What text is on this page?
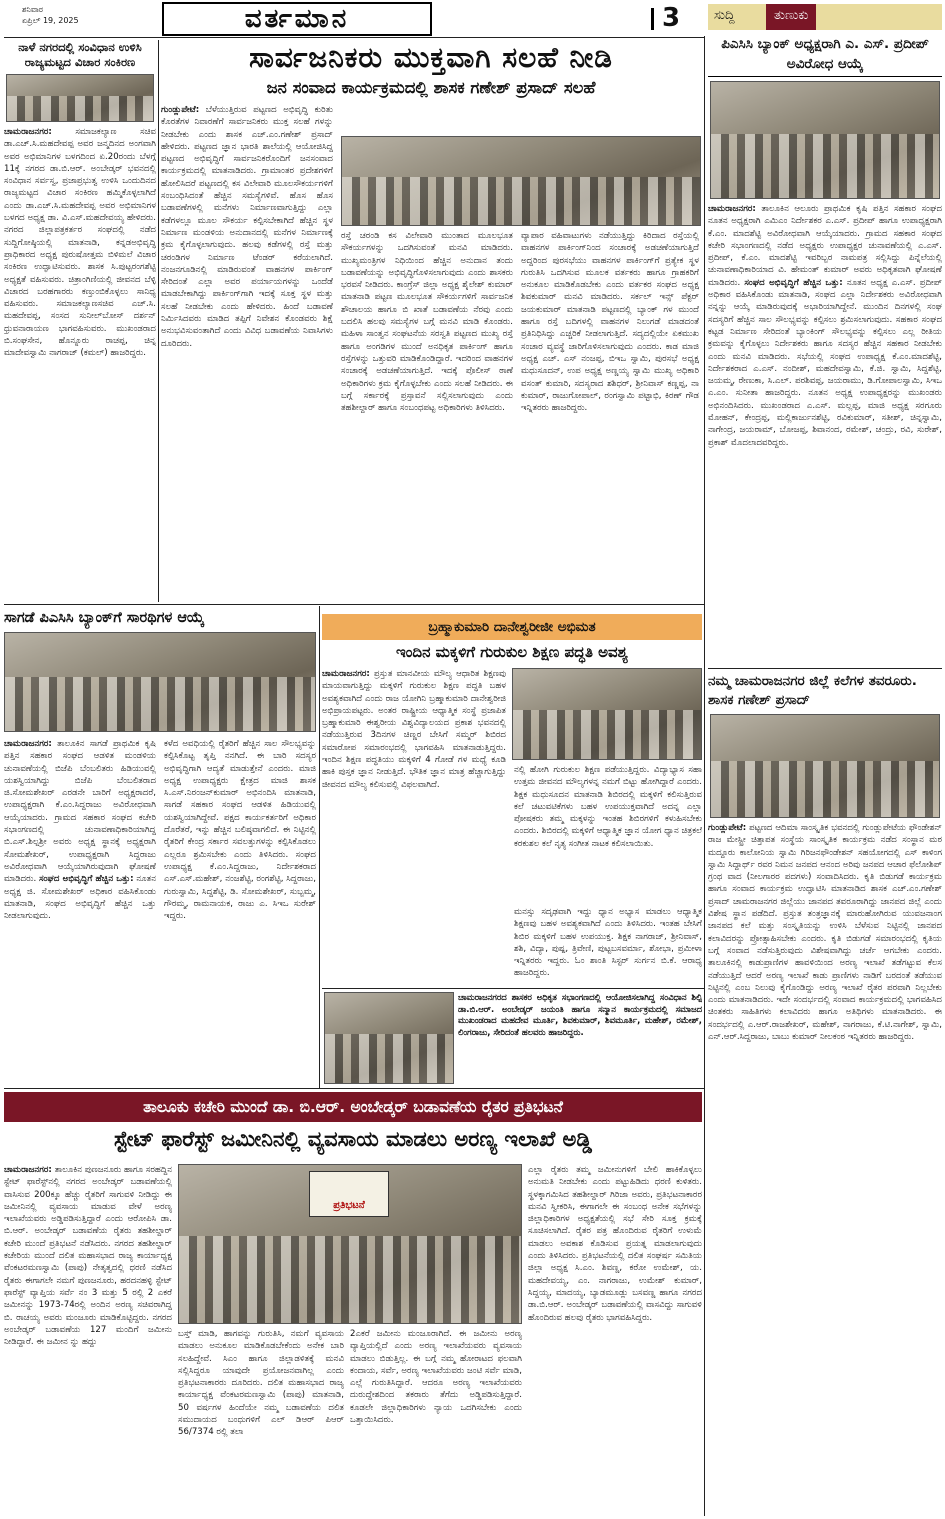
ಶನಿವಾರ
ಏಪ್ರಿಲ್ 19, 2025	ವರ್ತಮಾನ	3	ಸುದ್ದಿ	ತುಣುಕು
ನಾಳೆ ನಗರದಲ್ಲಿ ಸಂವಿಧಾನ ಉಳಿಸಿ ರಾಜ್ಯಮಟ್ಟದ ವಿಚಾರ ಸಂಕಿರಣ
ಚಾಮರಾಜನಗರ:	ಸಮಾಜಕಲ್ಯಾಣ ಸಚಿವ ಡಾ.ಎಚ್.ಸಿ.ಮಹದೇವಪ್ಪ ಅವರ ಜನ್ಮದಿನದ ಅಂಗವಾಗಿ ಅವರ ಅಭಿಮಾನಿಗಳ ಬಳಗದಿಂದ ಏ.20ರಂದು ಬೆಳಗ್ಗೆ 11ಕ್ಕೆ ನಗರದ ಡಾ.ಬಿ.ಆರ್. ಅಂಬೇಡ್ಕರ್ ಭವನದಲ್ಲಿ ಸಂವಿಧಾನ ಸರ್ವಸ್ವ, ಪ್ರಜಾಪ್ರಭುತ್ವ ಉಳಿಸಿ ಒಂದುದಿನದ ರಾಜ್ಯಮಟ್ಟದ ವಿಚಾರ ಸಂಕಿರಣ ಹಮ್ಮಿಕೊಳ್ಳಲಾಗಿದೆ ಎಂದು ಡಾ.ಎಚ್.ಸಿ.ಮಹದೇವಪ್ಪ ಅವರ ಅಭಿಮಾನಿಗಳ ಬಳಗದ ಅಧ್ಯಕ್ಷ ಡಾ. ವಿ.ಎಸ್.ಮಹದೇವಯ್ಯ ಹೇಳಿದರು. ನಗರದ ಜಿಲ್ಲಾಪತ್ರಕರ್ತರ ಸಂಘದಲ್ಲಿ ನಡೆದ ಸುದ್ದಿಗೋಷ್ಠಿಯಲ್ಲಿ ಮಾತನಾಡಿ, ಕನ್ನಡಅಭಿವೃದ್ಧಿ ಪ್ರಾಧಿಕಾರದ ಅಧ್ಯಕ್ಷ ಪುರುಷೋತ್ತಮ ಬಿಳಿಮಲೆ ವಿಚಾರ ಸಂಕಿರಣ ಉದ್ಘಾಟಿಸುವರು. ಶಾಸಕ ಸಿ.ಪುಟ್ಟರಂಗಶೆಟ್ಟಿ ಅಧ್ಯಕ್ಷತೆ ವಹಿಸುವರು. ಚಿತ್ರಾಂಗಿಣಿಯಲ್ಲಿ ಜೀವನದ ಬೆಳ್ಳಿ ವಿಚಾರದ ಬರಹಗಾರರು ಕಣ್ತುಂಬಿಕೊಳ್ಳಲು ಸಾನಿಧ್ಯ ವಹಿಸುವರು. ಸಮಾಜಕಲ್ಯಾಣಸಚಿವ ಎಚ್.ಸಿ. ಮಹದೇವಪ್ಪ, ಸಂಸದ ಸುನೀಲ್‌ಬೋಸ್ ದರ್ಶನ್ ಧ್ರುವನಾರಾಯಣ ಭಾಗವಹಿಸುವರು. ಮುಖಂಡರಾದ ಬಿ.ಸಂಘಸೇನ, ಹೊನ್ನೂರು ರಾಚಪ್ಪ, ಚಿನ್ನ ಮಾದೇವಸ್ವಾಮಿ ನಾಗರಾಜ್ (ಕಮಲ್) ಹಾಜರಿದ್ದರು.
ಸಾರ್ವಜನಿಕರು ಮುಕ್ತವಾಗಿ ಸಲಹೆ ನೀಡಿ
ಜನ ಸಂವಾದ ಕಾರ್ಯಕ್ರಮದಲ್ಲಿ ಶಾಸಕ ಗಣೇಶ್ ಪ್ರಸಾದ್ ಸಲಹೆ
ಗುಂಡ್ಲುಪೇಟೆ: ಬೆಳೆಯುತ್ತಿರುವ ಪಟ್ಟಣದ ಅಭಿವೃದ್ಧಿ ಕುರಿತು ಕೊರತೆಗಳ ನಿವಾರಣೆಗೆ ಸಾರ್ವಜನಿಕರು ಮುಕ್ತ ಸಲಹೆ ಗಳನ್ನು ನೀಡಬೇಕು ಎಂದು ಶಾಸಕ ಎಚ್.ಎಂ.ಗಣೇಶ್ ಪ್ರಸಾದ್ ಹೇಳಿದರು. ಪಟ್ಟಣದ ಜ್ಞಾನ ಭಾರತಿ ಶಾಲೆಯಲ್ಲಿ ಆಯೋಜಿಸಿದ್ದ ಪಟ್ಟಣದ ಅಭಿವೃದ್ಧಿಗೆ ಸಾರ್ವಜನಿಕರೊಂದಿಗೆ ಜನಸಂವಾದ ಕಾರ್ಯಕ್ರಮದಲ್ಲಿ ಮಾತನಾಡಿದರು. ಗ್ರಾಮಾಂತರ ಪ್ರದೇಶಗಳಿಗೆ ಹೋಲಿಸಿದರೆ ಪಟ್ಟಣದಲ್ಲಿ ಕಸ ವಿಲೇವಾರಿ ಮೂಲಸೌಕರ್ಯಗಳಿಗೆ ಸಂಬಂಧಿಸಿದಂತೆ ಹೆಚ್ಚಿನ ಸಮಸ್ಯೆಗಳಿವೆ. ಹೊಸ ಹೊಸ ಬಡಾವಣೆಗಳಲ್ಲಿ ಮನೆಗಳು ನಿರ್ಮಾಣವಾಗುತ್ತಿದ್ದು ಎಲ್ಲಾ ಕಡೆಗಳಲ್ಲೂ ಮೂಲ ಸೌಕರ್ಯ ಕಲ್ಪಿಸಬೇಕಾಗಿದೆ ಹೆಚ್ಚಿನ ಸ್ಥಳ ನಿರ್ಮಾಣ ಮಂಡಳಿಯ ಅನುದಾನದಲ್ಲಿ ಮನೆಗಳ ನಿರ್ಮಾಣಕ್ಕೆ ಕ್ರಮ ಕೈಗೊಳ್ಳಲಾಗುವುದು. ಹಲವು ಕಡೆಗಳಲ್ಲಿ ರಸ್ತೆ ಮತ್ತು ಚರಂಡಿಗಳ ನಿರ್ಮಾಣ ಟೆಂಡರ್ ಕರೆಯಲಾಗಿದೆ. ನಂಜನಗೂಡಿನಲ್ಲಿ ಮಾಡಿರುವಂತೆ ವಾಹನಗಳ ಪಾರ್ಕಿಂಗ್ ಸೇರಿದಂತೆ ಎಲ್ಲಾ ಅವರ ಪರ್ಯಾಯಗಳನ್ನು ಒಂದೆಡೆ ಮಾಡಬೇಕಾಗಿದ್ದು ಪಾರ್ಕಿಂಗ್‌ಗಾಗಿ ಇದಕ್ಕೆ ಸೂಕ್ತ ಸ್ಥಳ ಮತ್ತು ಸಲಹೆ ನೀಡಬೇಕು ಎಂದು ಹೇಳಿದರು. ಹಿಂದೆ ಬಡಾವಣೆ ನಿರ್ಮಿಸಿದವರು ಮಾಡಿದ ತಪ್ಪಿಗೆ ನಿವೇಶನ ಕೊಂಡವರು ಶಿಕ್ಷೆ ಅನುಭವಿಸುವಂತಾಗಿದೆ ಎಂದು ವಿವಿಧ ಬಡಾವಣೆಯ ನಿವಾಸಿಗಳು ದೂರಿದರು.
ರಸ್ತೆ ಚರಂಡಿ ಕಸ ವಿಲೇವಾರಿ ಮುಂತಾದ ಮೂಲಭೂತ ಸೌಕರ್ಯಗಳನ್ನು ಒದಗಿಸುವಂತೆ ಮನವಿ ಮಾಡಿದರು. ಮುಖ್ಯಮಂತ್ರಿಗಳ ನಿಧಿಯಿಂದ ಹೆಚ್ಚಿನ ಅನುದಾನ ತಂದು ಬಡಾವಣೆಯನ್ನು ಅಭಿವೃದ್ಧಿಗೊಳಿಸಲಾಗುವುದು ಎಂದು ಶಾಸಕರು ಭರವಸೆ ನೀಡಿದರು. ಕಾಂಗ್ರೆಸ್ ಜಿಲ್ಲಾ ಅಧ್ಯಕ್ಷ ಶೈಲೇಶ್ ಕುಮಾರ್ ಮಾತನಾಡಿ ಪಟ್ಟಣ ಮೂಲಭೂತ ಸೌಕರ್ಯಗಳಿಗೆ ಸಾರ್ವಜನಿಕ ಶೌಚಾಲಯ ಹಾಗೂ ಬಿ ಖಾತೆ ಬಡಾವಣೆಯ ನೆರವು ಎಂದು ಬದಲಿಸಿ ಹಲವು ಸಮಸ್ಯೆಗಳ ಬಗ್ಗೆ ಮನವಿ ಮಾಡಿ ಕೊಂಡರು. ಮಹಿಳಾ ಸಾಂತ್ವನ ಸಂಘಟನೆಯ ಸರಸ್ವತಿ ಪಟ್ಟಣದ ಮುಖ್ಯ ರಸ್ತೆ ಹಾಗೂ ಅಂಗಡಿಗಳ ಮುಂದೆ ಅನಧಿಕೃತ ಪಾರ್ಕಿಂಗ್ ಹಾಗೂ ರಸ್ತೆಗಳನ್ನು ಒತ್ತುವರಿ ಮಾಡಿಕೊಂಡಿದ್ದಾರೆ. ಇದರಿಂದ ವಾಹನಗಳ ಸಂಚಾರಕ್ಕೆ ಅಡಚಣೆಯಾಗುತ್ತಿದೆ. ಇದಕ್ಕೆ ಪೊಲೀಸ್ ಠಾಣೆ ಅಧಿಕಾರಿಗಳು ಕ್ರಮ ಕೈಗೊಳ್ಳಬೇಕು ಎಂದು ಸಲಹೆ ನೀಡಿದರು. ಈ ಬಗ್ಗೆ ಸರ್ಕಾರಕ್ಕೆ ಪ್ರಸ್ತಾವನೆ ಸಲ್ಲಿಸಲಾಗುವುದು ಎಂದು ತಹಶೀಲ್ದಾರ್ ಹಾಗೂ ಸಂಬಂಧಪಟ್ಟ ಅಧಿಕಾರಿಗಳು ತಿಳಿಸಿದರು.
ವ್ಯಾಪಾರ ವಹಿವಾಟುಗಳು ನಡೆಯುತ್ತಿದ್ದು ಕಿರಿದಾದ ರಸ್ತೆಯಲ್ಲಿ ವಾಹನಗಳ ಪಾರ್ಕಿಂಗ್‌ನಿಂದ ಸಂಚಾರಕ್ಕೆ ಅಡಚಣೆಯಾಗುತ್ತಿದೆ ಅದ್ದರಿಂದ ಪುರಸಭೆಯು ವಾಹನಗಳ ಪಾರ್ಕಿಂಗ್‌ಗೆ ಪ್ರತ್ಯೇಕ ಸ್ಥಳ ಗುರುತಿಸಿ ಒದಗಿಸುವ ಮೂಲಕ ವರ್ತಕರು ಹಾಗೂ ಗ್ರಾಹಕರಿಗೆ ಅನುಕೂಲ ಮಾಡಿಕೊಡಬೇಕು ಎಂದು ವರ್ತಕರ ಸಂಘದ ಅಧ್ಯಕ್ಷ ಶಿವಕುಮಾರ್ ಮನವಿ ಮಾಡಿದರು. ಸರ್ಕಲ್ ಇನ್ಸ್ ಪೆಕ್ಟರ್ ಜಯಕುಮಾರ್ ಮಾತನಾಡಿ ಪಟ್ಟಣದಲ್ಲಿ ಬ್ಯಾಂಕ್ ಗಳ ಮುಂದೆ ಹಾಗೂ ರಸ್ತೆ ಬದಿಗಳಲ್ಲಿ ವಾಹನಗಳ ನಿಲುಗಡೆ ಮಾಡದಂತೆ ಪ್ರತಿನಿಧಿಸಿದ್ದು ಎಚ್ಚರಿಕೆ ನೀಡಲಾಗುತ್ತಿದೆ. ಸದ್ಯದಲ್ಲಿಯೇ ಏಕಮುಖ ಸಂಚಾರ ವ್ಯವಸ್ಥೆ ಜಾರಿಗೊಳಿಸಲಾಗುವುದು ಎಂದರು. ಕಾಡ ಮಾಜಿ ಅಧ್ಯಕ್ಷ ಎಚ್. ಎಸ್ ನಂಜಪ್ಪ, ಬಿಇಒ ಸ್ವಾಮಿ, ಪುರಸಭೆ ಅಧ್ಯಕ್ಷ ಮಧುಸೂದನ್, ಉಪ ಅಧ್ಯಕ್ಷ ಅಣ್ಣಯ್ಯ ಸ್ವಾಮಿ ಮುಖ್ಯ ಅಧಿಕಾರಿ ವಸಂತ್ ಕುಮಾರಿ, ಸದಸ್ಯರಾದ ಶಶಿಧರ್, ಶ್ರೀನಿವಾಸ್ ಕಣ್ಣಪ್ಪ, ನಾ ಕುಮಾರ್, ರಾಜುಗೋಪಾಲ್, ರಂಗಸ್ವಾಮಿ ಪಟ್ಟಾಭಿ, ಕಿರಣ್ ಗೌಡ ಇನ್ನಿತರರು ಹಾಜರಿದ್ದರು.
ಪಿಎಸಿಸಿ ಬ್ಯಾಂಕ್ ಅಧ್ಯಕ್ಷರಾಗಿ ಎ. ಎಸ್. ಪ್ರದೀಪ್ ಅವಿರೋಧ ಆಯ್ಕೆ
ಚಾಮರಾಜನಗರ: ತಾಲೂಕಿನ ಆಲೂರು ಪ್ರಾಥಮಿಕ ಕೃಷಿ ಪತ್ತಿನ ಸಹಕಾರ ಸಂಘದ ನೂತನ ಅಧ್ಯಕ್ಷರಾಗಿ ಎಮಿಎಂ ನಿರ್ದೇಶಕರ ಎ.ಎಸ್. ಪ್ರದೀಪ್ ಹಾಗೂ ಉಪಾಧ್ಯಕ್ಷರಾಗಿ ಕೆ.ಎಂ. ಮಾದಶೆಟ್ಟಿ ಅವಿರೋಧವಾಗಿ ಆಯ್ಕೆಯಾದರು. ಗ್ರಾಮದ ಸಹಕಾರ ಸಂಘದ ಕಚೇರಿ ಸಭಾಂಗಣದಲ್ಲಿ ನಡೆದ ಅಧ್ಯಕ್ಷರು ಉಪಾಧ್ಯಕ್ಷರ ಚುನಾವಣೆಯಲ್ಲಿ ಎ.ಎಸ್. ಪ್ರದೀಪ್, ಕೆ.ಎಂ. ಮಾದಶೆಟ್ಟಿ ಇವರಿಬ್ಬರ ನಾಮಪತ್ರ ಸಲ್ಲಿಸಿದ್ದು ಪಿನ್ನೆಲೆಯಲ್ಲಿ ಚುನಾವಣಾಧಿಕಾರಿಯಾದ ವಿ. ಹೇಮಂತ್ ಕುಮಾರ್ ಅವರು ಅಧಿಕೃತವಾಗಿ ಘೋಷಣೆ ಮಾಡಿದರು. ಸಂಘದ ಅಭಿವೃದ್ಧಿಗೆ ಹೆಚ್ಚಿನ ಒತ್ತು: ನೂತನ ಅಧ್ಯಕ್ಷ ಎ.ಎಸ್. ಪ್ರದೀಪ್ ಅಧಿಕಾರ ವಹಿಸಿಕೊಂಡು ಮಾತನಾಡಿ, ಸಂಘದ ಎಲ್ಲಾ ನಿರ್ದೇಶಕರು ಅವಿರೋಧವಾಗಿ ನನ್ನನ್ನು ಆಯ್ಕೆ ಮಾಡಿರುವುದಕ್ಕೆ ಅಭಾರಿಯಾಗಿದ್ದೇನೆ. ಮುಂದಿನ ದಿನಗಳಲ್ಲಿ ಸಂಘ ಸದಸ್ಯರಿಗೆ ಹೆಚ್ಚಿನ ಸಾಲ ಸೌಲಭ್ಯವನ್ನು ಕಲ್ಪಿಸಲು ಶ್ರಮಿಸಲಾಗುವುದು. ಸಹಕಾರ ಸಂಘದ ಕಟ್ಟಡ ನಿರ್ಮಾಣ ಸೇರಿದಂತೆ ಬ್ಯಾಂಕಿಂಗ್ ಸೌಲಭ್ಯವನ್ನು ಕಲ್ಪಿಸಲು ಎಲ್ಲ ರೀತಿಯ ಕ್ರಮವನ್ನು ಕೈಗೊಳ್ಳಲು ನಿರ್ದೇಶಕರು ಹಾಗೂ ಸದಸ್ಯರ ಹೆಚ್ಚಿನ ಸಹಕಾರ ನೀಡಬೇಕು ಎಂದು ಮನವಿ ಮಾಡಿದರು. ಸಭೆಯಲ್ಲಿ ಸಂಘದ ಉಪಾಧ್ಯಕ್ಷ ಕೆ.ಎಂ.ಮಾದಶೆಟ್ಟಿ, ನಿರ್ದೇಶಕರಾದ ಎ.ಎಸ್. ನಂದೀಶ್, ಮಹದೇವಸ್ವಾಮಿ, ಕೆ.ಜಿ. ಸ್ವಾಮಿ, ಸಿದ್ದಶೆಟ್ಟಿ, ಜಯಮ್ಮ, ರೇಣುಕಾ, ಸಿ.ಎಲ್. ಪರಶಿವಪ್ಪ, ಜಯರಾಮು, ಡಿ.ಗೋಪಾಲಸ್ವಾಮಿ, ಸಿಇಒ ಎ.ಎಂ. ಸುನೀತಾ ಹಾಜರಿದ್ದರು. ನೂತನ ಅಧ್ಯಕ್ಷ ಉಪಾಧ್ಯಕ್ಷರನ್ನು ಮುಖಂಡರು ಅಭಿನಂದಿಸಿದರು. ಮುಖಂಡರಾದ ಎ.ಎಸ್. ಮಲ್ಲಪ್ಪ, ಮಾಜಿ ಅಧ್ಯಕ್ಷ ಸರಗೂರು ಮೋಹನ್, ಕೇಂದ್ರಪ್ಪ, ಮಲ್ಲಿಕಾರ್ಜುನಶೆಟ್ಟಿ, ರವಿಕುಮಾರ್, ಸತೀಶ್, ಚಿನ್ನಸ್ವಾಮಿ, ನಾಗೇಂದ್ರ, ಜಯರಾಮ್, ಬೋಜಪ್ಪ, ಶಿವಾನಂದ, ರಮೇಶ್, ಚಂದ್ರು, ರವಿ, ಸುರೇಶ್, ಪ್ರಕಾಶ್ ಮೊದಲಾದವರಿದ್ದರು.
ನಮ್ಮ ಚಾಮರಾಜನಗರ ಜಿಲ್ಲೆ ಕಲೆಗಳ ತವರೂರು. ಶಾಸಕ ಗಣೇಶ್ ಪ್ರಸಾದ್
ಗುಂಡ್ಲುಪೇಟೆ: ಪಟ್ಟಣದ ಆದಿಮಾ ಸಾಂಸ್ಕೃತಿಕ ಭವನದಲ್ಲಿ ಗುಂಡ್ಲುಪೇಟೆಯ ಫೌಂಡೇಶನ್ ರಾಜ ಮೇಸ್ಟ್ರೀ ಚಿತ್ತಾಪತ ಸಂಸ್ಥೆಯ ಸಾಂಸ್ಕೃತಿಕ ಕಾರ್ಯಕ್ರಮ ನಡೆದ ಸಂಸ್ಥಾನ ಮಠ ಮದ್ದೂರು ಕಾಲೋನಿಯ ಸ್ವಾಮಿ ಗಿರಿಜನಫೌಂಡೇಶನ್ ಸಹಯೋಗದಲ್ಲಿ ಎಸ್ ಕಾಳಿಂಗ ಸ್ವಾಮಿ ಸಿದ್ದಾರ್ಥ್ ರವರ ನಿಮನ ಜನಪದ ಆನಂದ ಅರಿವು ಜನಪದ ಆಚಾರ ಫೆಲೋಶಿಪ್ ಗ್ರಂಥ ವಾದ (ನೀಲಗಾರರ ಪದಗಳು) ಸಂವಾದಿಸಿದರು. ಕೃತಿ ಬಿಡುಗಡೆ ಕಾರ್ಯಕ್ರಮ ಹಾಗೂ ಸಂವಾದ ಕಾರ್ಯಕ್ರಮ ಉದ್ಘಾಟಿಸಿ ಮಾತನಾಡಿದ ಶಾಸಕ ಎಚ್.ಎಂ.ಗಣೇಶ್ ಪ್ರಸಾದ್ ಚಾಮರಾಜನಗರ ಜಿಲ್ಲೆಯು ಜಾನಪದ ತವರೂರಾಗಿದ್ದು ಜಾನಪದ ಜಿಲ್ಲೆ ಎಂದು ವಿಶೇಷ ಸ್ಥಾನ ಪಡೆದಿದೆ. ಪ್ರಸ್ತುತ ತಂತ್ರಜ್ಞಾನಕ್ಕೆ ಮಾರುಹೋಗಿರುವ ಯುವಜನಾಂಗ ಜಾನಪದ ಕಲೆ ಮತ್ತು ಸಂಸ್ಕೃತಿಯನ್ನು ಉಳಿಸಿ ಬೆಳೆಸುವ ನಿಟ್ಟಿನಲ್ಲಿ ಜಾನಪದ ಕಲಾವಿದರನ್ನು ಪ್ರೋತ್ಸಾಹಿಸಬೇಕು ಎಂದರು. ಕೃತಿ ಬಿಡುಗಡೆ ಸಮಾರಂಭದಲ್ಲಿ ಕೃತಿಯ ಬಗ್ಗೆ ಸಂವಾದ ನಡೆಸುತ್ತಿರುವುದು ವಿಶೇಷವಾಗಿದ್ದು ಚರ್ಚೆ ಆಗಬೇಕು ಎಂದರು. ತಾಲೂಕಿನಲ್ಲಿ ಕಾಡುಪ್ರಾಣಿಗಳ ಹಾವಳಿಯಿಂದ ಅರಣ್ಯ ಇಲಾಖೆ ತಡೆಗಟ್ಟುವ ಕೆಲಸ ನಡೆಯುತ್ತಿದೆ ಆದರೆ ಅರಣ್ಯ ಇಲಾಖೆ ಕಾಡು ಪ್ರಾಣಿಗಳು ನಾಡಿಗೆ ಬರದಂತೆ ತಡೆಯುವ ನಿಟ್ಟಿನಲ್ಲಿ ಎಂಬ ನಿಲುವು ಕೈಗೊಂಡಿದ್ದು ಅರಣ್ಯ ಇಲಾಖೆ ರೈತರ ಪರವಾಗಿ ನಿಲ್ಲಬೇಕು ಎಂದು ಮಾತನಾಡಿದರು. ಇದೇ ಸಂದರ್ಭದಲ್ಲಿ ಸಂವಾದ ಕಾರ್ಯಕ್ರಮದಲ್ಲಿ ಭಾಗವಹಿಸಿದ ಚಿಂತಕರು ಸಾಹಿತಿಗಳು ಕಲಾವಿದರು ಹಾಗೂ ಅತಿಥಿಗಳು ಮಾತನಾಡಿದರು. ಈ ಸಂದರ್ಭದಲ್ಲಿ ಎ.ಆರ್.ರಾಜಶೇಖರ್, ಮಹೇಶ್, ನಾಗರಾಜು, ಕೆ.ಟಿ.ನಾಗೇಶ್, ಸ್ವಾಮಿ, ಎನ್.ಆರ್.ಸಿದ್ದರಾಜು, ಬಾಬು ಕುಮಾರ್ ನೀಲಕಂಠ ಇನ್ನಿತರರು ಹಾಜರಿದ್ದರು.
ಸಾಗಡೆ ಪಿಎಸಿಸಿ ಬ್ಯಾಂಕ್‌ಗೆ ಸಾರಥಿಗಳ ಆಯ್ಕೆ
ಚಾಮರಾಜನಗರ: ತಾಲೂಕಿನ ಸಾಗಡೆ ಪ್ರಾಥಮಿಕ ಕೃಷಿ ಪತ್ತಿನ ಸಹಕಾರ ಸಂಘದ ಆಡಳಿತ ಮಂಡಳಿಯ ಚುನಾವಣೆಯಲ್ಲಿ ಬಿಜೆಪಿ ಬೆಂಬಲಿತರು ಹಿಡಿಯುವಲ್ಲಿ ಯಶಸ್ವಿಯಾಗಿದ್ದು ಬಿಜೆಪಿ ಬೆಂಬಲಿತರಾದ ಜಿ.ಸೋಮಶೇಖರ್ ಎರಡನೇ ಬಾರಿಗೆ ಅಧ್ಯಕ್ಷರಾದರೆ, ಉಪಾಧ್ಯಕ್ಷರಾಗಿ ಕೆ.ಎಂ.ಸಿದ್ದರಾಜು ಅವಿರೋಧವಾಗಿ ಆಯ್ಕೆಯಾದರು. ಗ್ರಾಮದ ಸಹಕಾರ ಸಂಘದ ಕಚೇರಿ ಸಭಾಂಗಣದಲ್ಲಿ ಚುನಾವಣಾಧಿಕಾರಿಯಾಗಿದ್ದ ಬಿ.ಎಸ್.ಶಿಲ್ಪಶ್ರೀ ಅವರು ಅಧ್ಯಕ್ಷ ಸ್ಥಾನಕ್ಕೆ ಅಧ್ಯಕ್ಷರಾಗಿ ಸೋಮಶೇಖರ್, ಉಪಾಧ್ಯಕ್ಷರಾಗಿ ಸಿದ್ದರಾಜು ಅವಿರೋಧವಾಗಿ ಆಯ್ಕೆಯಾಗಿರುವುದಾಗಿ ಘೋಷಣೆ ಮಾಡಿದರು. ಸಂಘದ ಅಭಿವೃದ್ಧಿಗೆ ಹೆಚ್ಚಿನ ಒತ್ತು: ನೂತನ ಅಧ್ಯಕ್ಷ ಜಿ. ಸೋಮಶೇಖರ್ ಅಧಿಕಾರ ವಹಿಸಿಕೊಂಡು ಮಾತನಾಡಿ, ಸಂಘದ ಅಭಿವೃದ್ಧಿಗೆ ಹೆಚ್ಚಿನ ಒತ್ತು ನೀಡಲಾಗುವುದು.
ಕಳೆದ ಅವಧಿಯಲ್ಲಿ ರೈತರಿಗೆ ಹೆಚ್ಚಿನ ಸಾಲ ಸೌಲಭ್ಯವನ್ನು ಕಲ್ಪಿಸಿಕೊಟ್ಟ ತೃಪ್ತಿ ನನಗಿದೆ. ಈ ಬಾರಿ ಸದಸ್ಯರ ಅಭಿವೃದ್ಧಿಗಾಗಿ ಆದ್ಯತೆ ಮಾಡುತ್ತೇನೆ ಎಂದರು. ಮಾಜಿ ಅಧ್ಯಕ್ಷ ಉಪಾಧ್ಯಕ್ಷರು ಕ್ಷೇತ್ರದ ಮಾಜಿ ಶಾಸಕ ಸಿ.ಎಸ್.ನಿರಂಜನ್‌ಕುಮಾರ್ ಅಭಿನಂದಿಸಿ ಮಾತನಾಡಿ, ಸಾಗಡೆ ಸಹಕಾರ ಸಂಘದ ಆಡಳಿತ ಹಿಡಿಯುವಲ್ಲಿ ಯಶಸ್ವಿಯಾಗಿದ್ದೇವೆ. ಪಕ್ಷದ ಕಾರ್ಯಕರ್ತರಿಗೆ ಅಧಿಕಾರ ದೊರೆತರೆ, ಇನ್ನು ಹೆಚ್ಚಿನ ಬಲಿಷ್ಠವಾಗಲಿದೆ. ಈ ನಿಟ್ಟಿನಲ್ಲಿ ರೈತರಿಗೆ ಕೇಂದ್ರ ಸರ್ಕಾರ ಸವಲತ್ತುಗಳನ್ನು ಕಲ್ಪಿಸಿಕೊಡಲು ಎಲ್ಲರೂ ಶ್ರಮಿಸಬೇಕು ಎಂದು ತಿಳಿಸಿದರು. ಸಂಘದ ಉಪಾಧ್ಯಕ್ಷ ಕೆ.ಎಂ.ಸಿದ್ದರಾಜು, ನಿರ್ದೇಶಕರಾದ ಎಸ್.ಎಸ್.ಮಹೇಶ್, ನಂಜಶೆಟ್ಟಿ, ರಂಗಶೆಟ್ಟಿ, ಸಿದ್ದರಾಜು, ಗುರುಸ್ವಾಮಿ, ಸಿದ್ದಶೆಟ್ಟಿ, ಡಿ. ಸೋಮಶೇಖರ್, ಸುಬ್ಬಮ್ಮ, ಗೌರಮ್ಮ, ರಾಮನಾಯಕ, ರಾಜು ಎ. ಸಿಇಒ ಸುರೇಶ್ ಇದ್ದರು.
ಬ್ರಹ್ಮಾಕುಮಾರಿ ದಾನೇಶ್ವರೀಜೀ ಅಭಿಮತ
ಇಂದಿನ ಮಕ್ಕಳಿಗೆ ಗುರುಕುಲ ಶಿಕ್ಷಣ ಪದ್ಧತಿ ಅವಶ್ಯ
ಚಾಮರಾಜನಗರ: ಪ್ರಸ್ತುತ ಮಾನವೀಯ ಮೌಲ್ಯ ಆಧಾರಿತ ಶಿಕ್ಷಣವು ಮಾಯವಾಗುತ್ತಿದ್ದು ಮಕ್ಕಳಿಗೆ ಗುರುಕುಲ ಶಿಕ್ಷಣ ಪದ್ಧತಿ ಬಹಳ ಅವಶ್ಯಕವಾಗಿದೆ ಎಂದು ರಾಜ ಯೋಗಿನಿ ಬ್ರಹ್ಮಾಕುಮಾರಿ ದಾನೇಶ್ವರೀಜಿ ಅಭಿಪ್ರಾಯಪಟ್ಟರು. ಅಂತರ ರಾಷ್ಟ್ರೀಯ ಆಧ್ಯಾತ್ಮಿಕ ಸಂಸ್ಥೆ ಪ್ರಜಾಪಿತ ಬ್ರಹ್ಮಾಕುಮಾರಿ ಈಶ್ವರೀಯ ವಿಶ್ವವಿದ್ಯಾಲಯದ ಪ್ರಕಾಶ ಭವನದಲ್ಲಿ ನಡೆಯುತ್ತಿರುವ 3ದಿನಗಳ ಚಿಣ್ಣರ ಬೇಸಿಗೆ ಸಮ್ಮರ್ ಶಿಬಿರದ ಸಮಾರೋಪ ಸಮಾರಂಭದಲ್ಲಿ ಭಾಗವಹಿಸಿ ಮಾತನಾಡುತ್ತಿದ್ದರು. ಇಂದಿನ ಶಿಕ್ಷಣ ಪದ್ಧತಿಯು ಮಕ್ಕಳಿಗೆ 4 ಗೋಡೆ ಗಳ ಮಧ್ಯೆ ಕೂಡಿ ಹಾಕಿ ಪುಸ್ತಕ ಜ್ಞಾನ ನೀಡುತ್ತಿದೆ. ಭೌತಿಕ ಜ್ಞಾನ ಮಾತ್ರ ಹೆಚ್ಚಾಗುತ್ತಿದ್ದು ಜೀವನದ ಮೌಲ್ಯ ಕಲಿಸುವಲ್ಲಿ ವಿಫಲವಾಗಿದೆ.
ನಲ್ಲಿ ಹೋಗಿ ಗುರುಕುಲ ಶಿಕ್ಷಣ ಪಡೆಯುತ್ತಿದ್ದರು. ವಿದ್ಯಾಭ್ಯಾಸ ಸಹಾ ಉತ್ತಮ ಜೀವನದ ಮೌಲ್ಯಗಳನ್ನ ನಮಗೆ ಬಿಟ್ಟು ಹೋಗಿದ್ದಾರೆ ಎಂದರು. ಶಿಕ್ಷಕ ಮಧುಸೂದನ ಮಾತನಾಡಿ ಶಿಬಿರದಲ್ಲಿ ಮಕ್ಕಳಿಗೆ ಕಲಿಸುತ್ತಿರುವ ಕಲೆ ಚಟುವಟಿಕೆಗಳು ಬಹಳ ಉಪಯುಕ್ತವಾಗಿದೆ ಅದನ್ನ ಎಲ್ಲಾ ಪೋಷಕರು ತಮ್ಮ ಮಕ್ಕಳನ್ನು ಇಂತಹ ಶಿಬಿರಗಳಿಗೆ ಕಳುಹಿಸಬೇಕು ಎಂದರು. ಶಿಬಿರದಲ್ಲಿ ಮಕ್ಕಳಿಗೆ ಆಧ್ಯಾತ್ಮಿಕ ಜ್ಞಾನ ಯೋಗ ಧ್ಯಾನ ಚಿತ್ರಕಲೆ ಕರಕುಶಲ ಕಲೆ ನೃತ್ಯ ಸಂಗೀತ ನಾಟಕ ಕಲಿಸಲಾಯಿತು.
ಮನಸ್ಸು ಸದೃಢವಾಗಿ ಇದ್ದು ಧ್ಯಾನ ಅಭ್ಯಾಸ ಮಾಡಲು ಆಧ್ಯಾತ್ಮಿಕ ಶಿಕ್ಷಣವು ಬಹಳ ಅವಶ್ಯಕವಾಗಿದೆ ಎಂದು ತಿಳಿಸಿದರು. ಇಂತಹ ಬೇಸಿಗೆ ಶಿಬಿರ ಮಕ್ಕಳಿಗೆ ಬಹಳ ಉಪಯುಕ್ತ. ಶಿಕ್ಷಕ ನಾಗರಾಜ್, ಶ್ರೀನಿವಾಸ್, ಶಶಿ, ವಿದ್ಯಾ, ಪುಷ್ಪ, ತ್ರಿವೇಣಿ, ಪುಟ್ಟಬಸವರ್ಮಾ, ಶೋಭಾ, ಪ್ರಮೀಳಾ ಇನ್ನಿತರರು ಇದ್ದರು. ಓಂ ಶಾಂತಿ ಸಿಸ್ಟರ್ ಸುರ್ಗನ ಬಿ.ಕೆ. ಆರಾಧ್ಯ ಹಾಜರಿದ್ದರು.
ಚಾಮರಾಜನಗರದ ಶಾಸಕರ ಅಧಿಕೃತ ಸಭಾಂಗಣದಲ್ಲಿ ಆಯೋಜಿಸಲಾಗಿದ್ದ ಸಂವಿಧಾನ ಶಿಲ್ಪಿ ಡಾ.ಬಿ.ಆರ್. ಅಂಬೇಡ್ಕರ್ ಜಯಂತಿ ಹಾಗೂ ಸನ್ಮಾನ ಕಾರ್ಯಕ್ರಮದಲ್ಲಿ ಸಮಾಜದ ಮುಖಂಡರಾದ ಮಹದೇವ ಮೂರ್ತಿ, ಶಿವಕುಮಾರ್, ಶಿವಮೂರ್ತಿ, ಮಹೇಶ್, ರಮೇಶ್, ಲಿಂಗರಾಜು, ಸೇರಿದಂತೆ ಹಲವರು ಹಾಜರಿದ್ದರು.
ತಾಲೂಕು ಕಚೇರಿ ಮುಂದೆ ಡಾ. ಬಿ.ಆರ್. ಅಂಬೇಡ್ಕರ್ ಬಡಾವಣೆಯ ರೈತರ ಪ್ರತಿಭಟನೆ
ಸ್ಟೇಟ್ ಫಾರೆಸ್ಟ್ ಜಮೀನಿನಲ್ಲಿ ವ್ಯವಸಾಯ ಮಾಡಲು ಅರಣ್ಯ ಇಲಾಖೆ ಅಡ್ಡಿ
ಪ್ರತಿಭಟನೆ
ಚಾಮರಾಜನಗರ: ತಾಲೂಕಿನ ಪುಣಜನೂರು ಹಾಗೂ ಸರಹದ್ದಿನ ಸ್ಟೇಟ್ ಫಾರೆಸ್ಟ್‌ನಲ್ಲಿ ನಗರದ ಅಂಬೇಡ್ಕರ್ ಬಡಾವಣೆಯಲ್ಲಿ ವಾಸಿಸುವ 200ಕ್ಕೂ ಹೆಚ್ಚು ರೈತರಿಗೆ ಸಾಗುವಳಿ ನೀಡಿದ್ದು ಈ ಜಮೀನಿನಲ್ಲಿ ವ್ಯವಸಾಯ ಮಾಡುವ ವೇಳೆ ಅರಣ್ಯ ಇಲಾಖೆಯವರು ಅಡ್ಡಿಪಡಿಸುತ್ತಿದ್ದಾರೆ ಎಂದು ಆರೋಪಿಸಿ ಡಾ. ಬಿ.ಆರ್. ಅಂಬೇಡ್ಕರ್ ಬಡಾವಣೆಯ ರೈತರು ತಹಶೀಲ್ದಾರ್ ಕಚೇರಿ ಮುಂದೆ ಪ್ರತಿಭಟನೆ ನಡೆಸಿದರು. ನಗರದ ತಹಶೀಲ್ದಾರ್ ಕಚೇರಿಯ ಮುಂದೆ ದಲಿತ ಮಹಾಸಭಾದ ರಾಜ್ಯ ಕಾರ್ಯಾಧ್ಯಕ್ಷ ವೆಂಕಟರಮಣಸ್ವಾಮಿ (ಪಾಪು) ನೇತೃತ್ವದಲ್ಲಿ ಧರಣಿ ನಡೆಸಿದ ರೈತರು ಈಗಾಗಲೇ ನಮಗೆ ಪುಣಜನೂರು, ಹರದನಹಳ್ಳಿ ಸ್ಟೇಟ್ ಫಾರೆಸ್ಟ್ ವ್ಯಾಪ್ತಿಯ ಸರ್ವೆ ನಂ 3 ಮತ್ತು 5 ರಲ್ಲಿ 2 ಎಕರೆ ಜಮೀನನ್ನು 1973-74ರಲ್ಲಿ ಅಂದಿನ ಅರಣ್ಯ ಸಚಿವರಾಗಿದ್ದ ಬಿ. ರಾಚಯ್ಯ ಅವರು ಮಂಜೂರು ಮಾಡಿಕೊಟ್ಟಿದ್ದರು. ನಗರದ ಅಂಬೇಡ್ಕರ್ ಬಡಾವಣೆಯ 127 ಮಂದಿಗೆ ಜಮೀನು ನೀಡಿದ್ದಾರೆ. ಈ ಜಮೀನ ನ್ನು ಹದ್ದು
ಬಸ್ತ್ ಮಾಡಿ, ಹಾಗವನ್ನು ಗುರುತಿಸಿ, ನಮಗೆ ವ್ಯವಸಾಯ ಮಾಡಲು ಅನುಕೂಲ ಮಾಡಿಕೊಡಬೇಕೆಂದು ಅನೇಕ ಬಾರಿ ಸಲಹಿದ್ದೇವೆ. ಸಿಎಂ ಹಾಗೂ ಜಿಲ್ಲಾಡಳಿತಕ್ಕೆ ಮನವಿ ಸಲ್ಲಿಸಿದ್ದರೂ ಯಾವುದೇ ಪ್ರಯೋಜನವಾಗಿಲ್ಲ ಎಂದು ಪ್ರತಿಭಟನಾಕಾರರು ದೂರಿದರು. ದಲಿತ ಮಹಾಸಭಾದ ರಾಜ್ಯ ಕಾರ್ಯಾಧ್ಯಕ್ಷ ವೆಂಕಟರಮಣಸ್ವಾಮಿ (ಪಾಪು) ಮಾತನಾಡಿ, 50 ವರ್ಷಗಳ ಹಿಂದೆಯೇ ನಮ್ಮ ಬಡಾವಣೆಯ ದಲಿತ ಸಮುದಾಯದ ಬಂಧುಗಳಿಗೆ ಎಲ್ ಡಿಆರ್ ಪಿಆರ್ 56/7374 ರಲ್ಲಿ ತಲಾ
2ಎಕರೆ ಜಮೀನು ಮಂಜೂರಾಗಿದೆ. ಈ ಜಮೀನು ಅರಣ್ಯ ವ್ಯಾಪ್ತಿಯಲ್ಲಿದೆ ಎಂದು ಅರಣ್ಯ ಇಲಾಖೆಯವರು ವ್ಯವಸಾಯ ಮಾಡಲು ಬಿಡುತ್ತಿಲ್ಲ. ಈ ಬಗ್ಗೆ ನಮ್ಮ ಹೋರಾಟದ ಫಲವಾಗಿ ಕಂದಾಯ, ಸರ್ವೆ, ಅರಣ್ಯ ಇಲಾಖೆಯವರು ಜಂಟಿ ಸರ್ವೆ ಮಾಡಿ, ಎಲ್ಲೆ ಗುರುತಿಸಿದ್ದಾರೆ. ಆದರೂ ಅರಣ್ಯ ಇಲಾಖೆಯವರು ದುರುದ್ದೇಶದಿಂದ ತಕರಾರು ತೆಗೆದು ಅಡ್ಡಿಪಡಿಸುತ್ತಿದ್ದಾರೆ. ಕೂಡಲೇ ಜಿಲ್ಲಾಧಿಕಾರಿಗಳು ನ್ಯಾಯ ಒದಗಿಸಬೇಕು ಎಂದು ಒತ್ತಾಯಿಸಿದರು.
ಎಲ್ಲಾ ರೈತರು ತಮ್ಮ ಜಮೀನುಗಳಿಗೆ ಬೇಲಿ ಹಾಕಿಕೊಳ್ಳಲು ಅನುಮತಿ ನೀಡಬೇಕು ಎಂದು ಪಟ್ಟುಹಿಡಿದು ಧರಣಿ ಕುಳಿತರು. ಸ್ಥಳಕ್ಕಾಗಮಿಸಿದ ತಹಶೀಲ್ದಾರ್ ಗಿರಿಜಾ ಅವರು, ಪ್ರತಿಭಟನಾಕಾರರ ಮನವಿ ಸ್ವೀಕರಿಸಿ, ಈಗಾಗಲೇ ಈ ಸಂಬಂಧ ಅನೇಕ ಸಭೆಗಳನ್ನು ಜಿಲ್ಲಾಧಿಕಾರಿಗಳ ಅಧ್ಯಕ್ಷತೆಯಲ್ಲಿ ಸಭೆ ಸೇರಿ ಸೂಕ್ತ ಕ್ರಮಕ್ಕೆ ಸೂಚಿಸಲಾಗಿದೆ. ರೈತರ ಪತ್ರ ಹೊಂದಿರುವ ರೈತರಿಗೆ ಉಳುಮೆ ಮಾಡಲು ಅವಕಾಶ ಕೊಡಿಸುವ ಪ್ರಯತ್ನ ಮಾಡಲಾಗುವುದು ಎಂದು ತಿಳಿಸಿದರು. ಪ್ರತಿಭಟನೆಯಲ್ಲಿ ದಲಿತ ಸಂಘರ್ಷ ಸಮಿತಿಯ ಜಿಲ್ಲಾ ಅಧ್ಯಕ್ಷ ಸಿ.ಎಂ. ಶಿವಣ್ಣ, ಕರೋ ಉಮೇಶ್, ಯ. ಮಹದೇವಯ್ಯ, ಎಂ. ನಾಗರಾಜು, ಉಮೇಶ್ ಕುಮಾರ್, ಸಿದ್ದಯ್ಯ, ಮಾದಯ್ಯ, ಬ್ಯಾಡಮೂಡ್ಲು ಬಸವಣ್ಣ ಹಾಗೂ ನಗರದ ಡಾ.ಬಿ.ಆರ್. ಅಂಬೇಡ್ಕರ್ ಬಡಾವಣೆಯಲ್ಲಿ ವಾಸವಿದ್ದು ಸಾಗುವಳಿ ಹೊಂದಿರುವ ಹಲವು ರೈತರು ಭಾಗವಹಿಸಿದ್ದರು.
